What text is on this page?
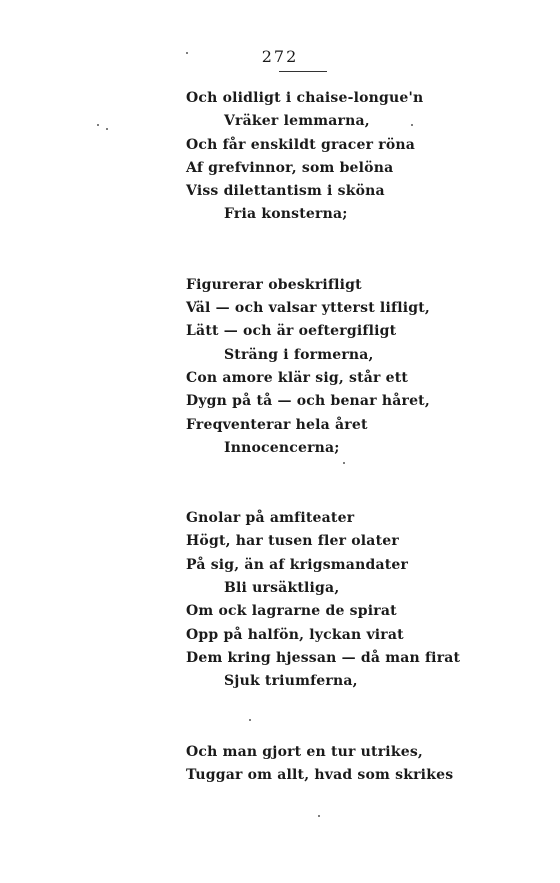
272
Och olidligt i chaise-longue'n
Vräker lemmarna,
Och får enskildt gracer röna
Af grefvinnor, som belöna
Viss dilettantism i sköna
Fria konsterna;
Figurerar obeskrifligt
Väl — och valsar ytterst lifligt,
Lätt — och är oeftergifligt
Sträng i formerna,
Con amore klär sig, står ett
Dygn på tå — och benar håret,
Freqventerar hela året
Innocencerna;
Gnolar på amfiteater
Högt, har tusen fler olater
På sig, än af krigsmandater
Bli ursäktliga,
Om ock lagrarne de spirat
Opp på halfön, lyckan virat
Dem kring hjessan — då man firat
Sjuk triumferna,
Och man gjort en tur utrikes,
Tuggar om allt, hvad som skrikes
